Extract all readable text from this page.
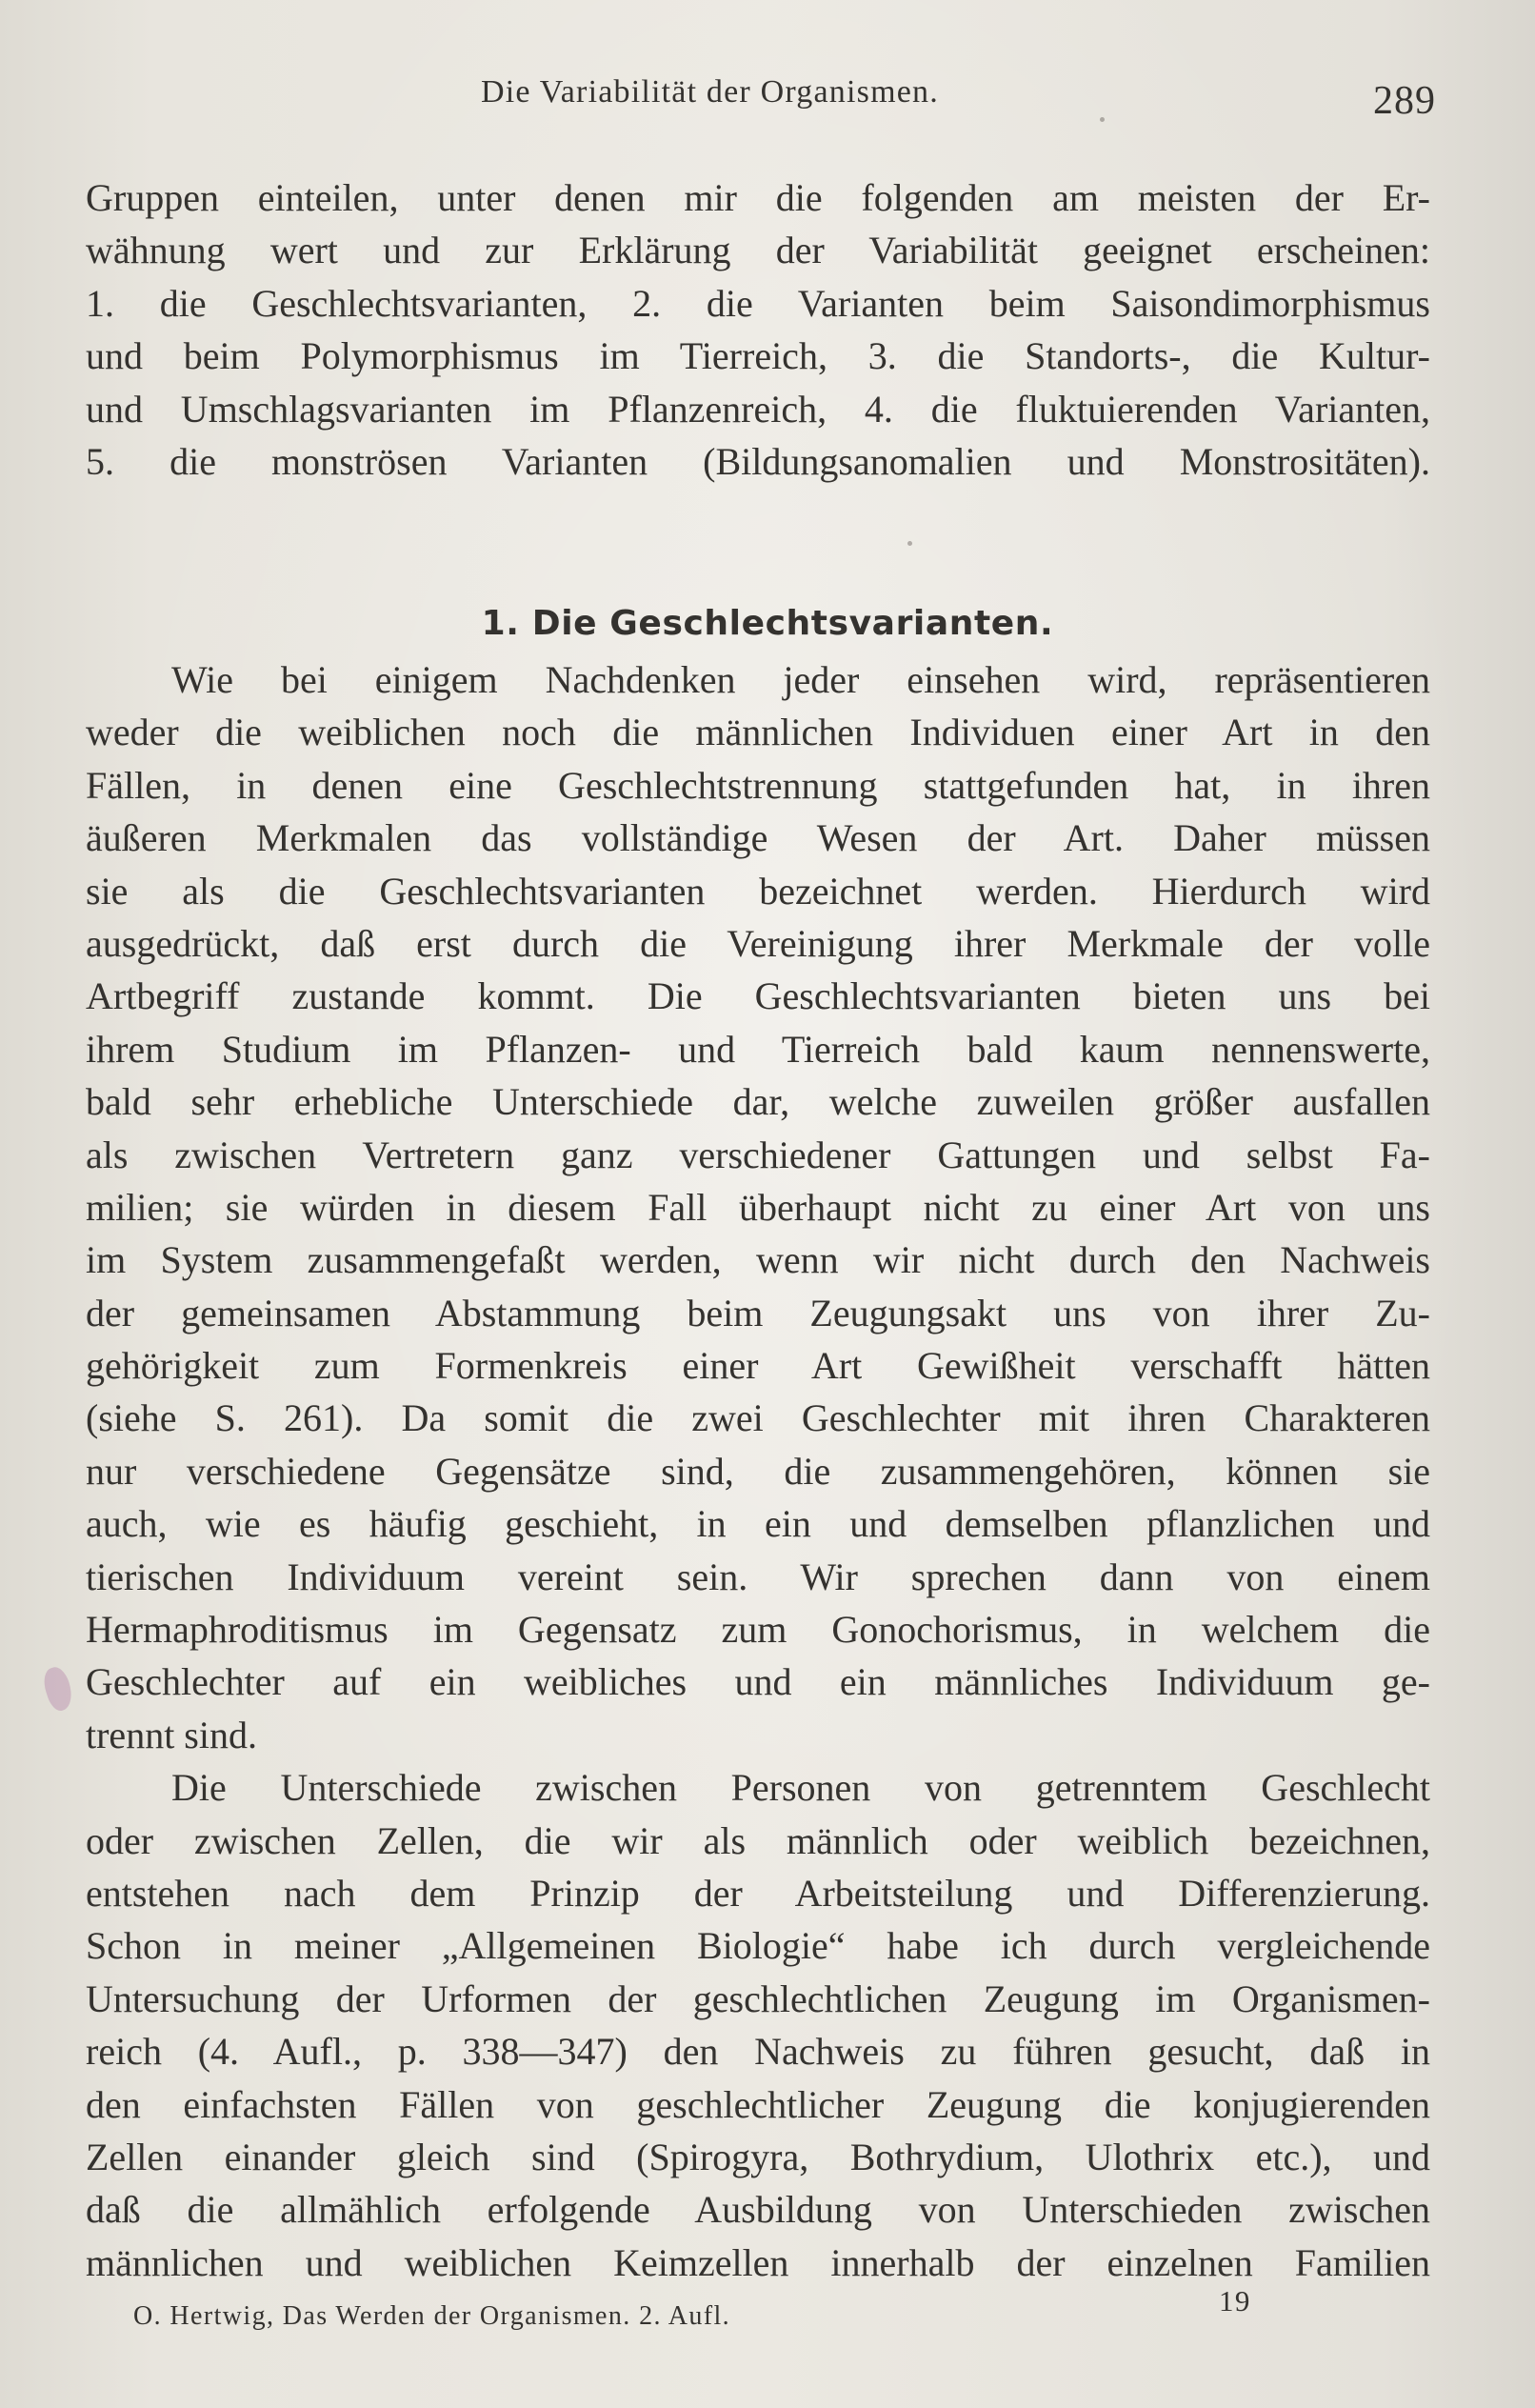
Die Variabilität der Organismen.	289
Gruppen einteilen, unter denen mir die folgenden am meisten der Er-
wähnung wert und zur Erklärung der Variabilität geeignet erscheinen:
1. die Geschlechtsvarianten, 2. die Varianten beim Saisondimorphismus
und beim Polymorphismus im Tierreich, 3. die Standorts-, die Kultur-
und Umschlagsvarianten im Pflanzenreich, 4. die fluktuierenden Varianten,
5. die monströsen Varianten (Bildungsanomalien und Monstrositäten).
1. Die Geschlechtsvarianten.
Wie bei einigem Nachdenken jeder einsehen wird, repräsentieren
weder die weiblichen noch die männlichen Individuen einer Art in den
Fällen, in denen eine Geschlechtstrennung stattgefunden hat, in ihren
äußeren Merkmalen das vollständige Wesen der Art. Daher müssen
sie als die Geschlechtsvarianten bezeichnet werden. Hierdurch wird
ausgedrückt, daß erst durch die Vereinigung ihrer Merkmale der volle
Artbegriff zustande kommt. Die Geschlechtsvarianten bieten uns bei
ihrem Studium im Pflanzen- und Tierreich bald kaum nennenswerte,
bald sehr erhebliche Unterschiede dar, welche zuweilen größer ausfallen
als zwischen Vertretern ganz verschiedener Gattungen und selbst Fa-
milien; sie würden in diesem Fall überhaupt nicht zu einer Art von uns
im System zusammengefaßt werden, wenn wir nicht durch den Nachweis
der gemeinsamen Abstammung beim Zeugungsakt uns von ihrer Zu-
gehörigkeit zum Formenkreis einer Art Gewißheit verschafft hätten
(siehe S. 261). Da somit die zwei Geschlechter mit ihren Charakteren
nur verschiedene Gegensätze sind, die zusammengehören, können sie
auch, wie es häufig geschieht, in ein und demselben pflanzlichen und
tierischen Individuum vereint sein. Wir sprechen dann von einem
Hermaphroditismus im Gegensatz zum Gonochorismus, in welchem die
Geschlechter auf ein weibliches und ein männliches Individuum ge-
trennt sind.
Die Unterschiede zwischen Personen von getrenntem Geschlecht
oder zwischen Zellen, die wir als männlich oder weiblich bezeichnen,
entstehen nach dem Prinzip der Arbeitsteilung und Differenzierung.
Schon in meiner „Allgemeinen Biologie“ habe ich durch vergleichende
Untersuchung der Urformen der geschlechtlichen Zeugung im Organismen-
reich (4. Aufl., p. 338—347) den Nachweis zu führen gesucht, daß in
den einfachsten Fällen von geschlechtlicher Zeugung die konjugierenden
Zellen einander gleich sind (Spirogyra, Bothrydium, Ulothrix etc.), und
daß die allmählich erfolgende Ausbildung von Unterschieden zwischen
männlichen und weiblichen Keimzellen innerhalb der einzelnen Familien
O. Hertwig, Das Werden der Organismen. 2. Aufl.	19
